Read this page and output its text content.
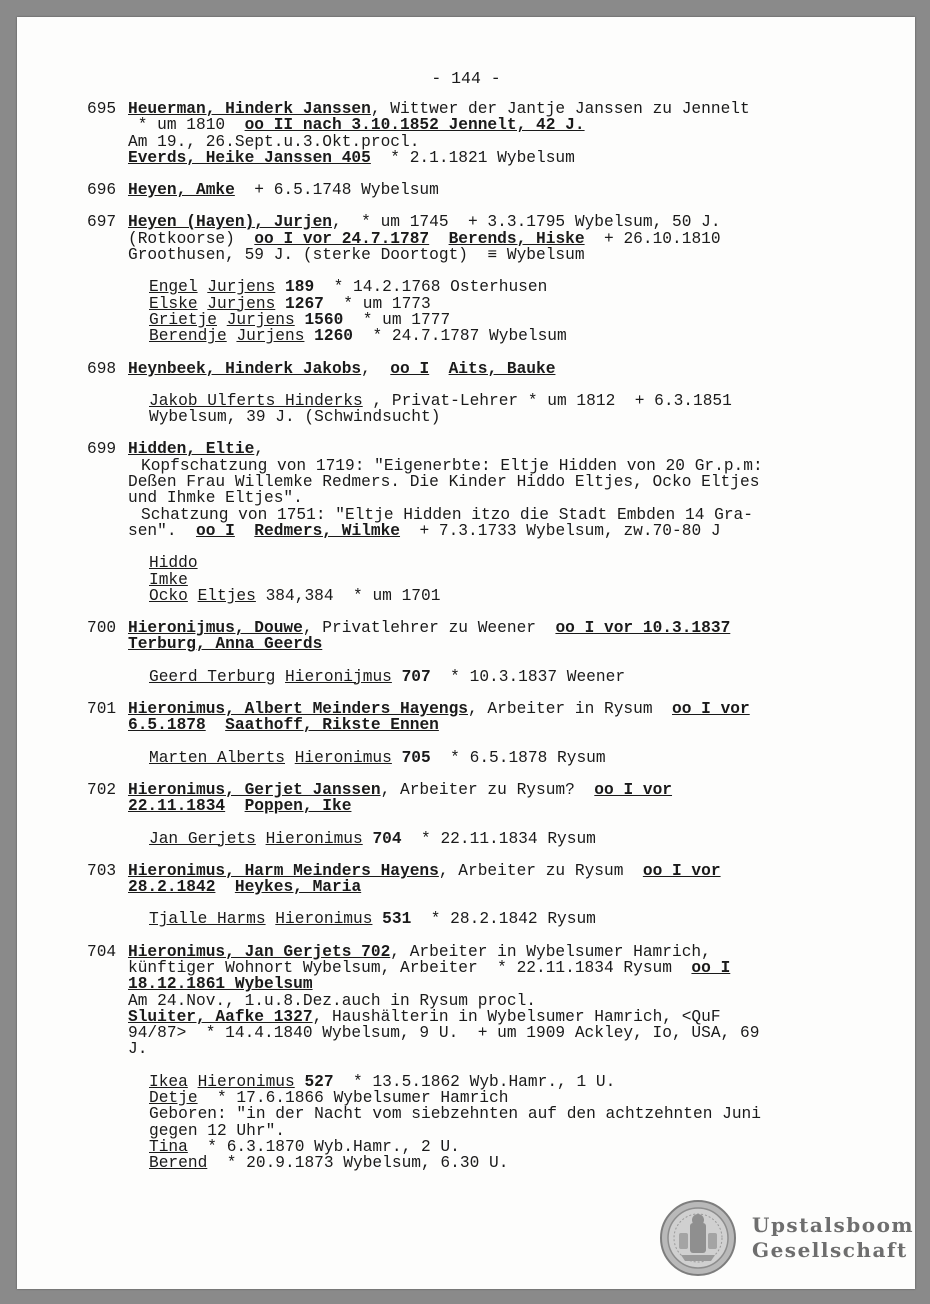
- 144 -
695 Heuerman, Hinderk Janssen, Wittwer der Jantje Janssen zu Jennelt
* um 1810  oo II nach 3.10.1852 Jennelt, 42 J.
Am 19., 26.Sept.u.3.Okt.procl.
Everds, Heike Janssen 405  * 2.1.1821 Wybelsum
696 Heyen, Amke  + 6.5.1748 Wybelsum
697 Heyen (Hayen), Jurjen,  * um 1745  + 3.3.1795 Wybelsum, 50 J.
(Rotkoorse)  oo I vor 24.7.1787 Berends, Hiske  + 26.10.1810
Groothusen, 59 J. (sterke Doortogt)  ≡ Wybelsum
Engel Jurjens 189  * 14.2.1768 Osterhusen
Elske Jurjens 1267  * um 1773
Grietje Jurjens 1560  * um 1777
Berendje Jurjens 1260  * 24.7.1787 Wybelsum
698 Heynbeek, Hinderk Jakobs,  oo I Aits, Bauke
Jakob Ulferts Hinderks , Privat-Lehrer * um 1812  + 6.3.1851
Wybelsum, 39 J. (Schwindsucht)
699 Hidden, Eltie,
Kopfschatzung von 1719: "Eigenerbte: Eltje Hidden von 20 Gr.p.m:
Deßen Frau Willemke Redmers. Die Kinder Hiddo Eltjes, Ocko Eltjes
und Ihmke Eltjes".
Schatzung von 1751: "Eltje Hidden itzo die Stadt Embden 14 Gra-
sen".  oo I Redmers, Wilmke  + 7.3.1733 Wybelsum, zw.70-80 J
Hiddo
Imke
Ocko Eltjes 384,384  * um 1701
700 Hieronijmus, Douwe, Privatlehrer zu Weener  oo I vor 10.3.1837
Terburg, Anna Geerds
Geerd Terburg Hieronijmus 707  * 10.3.1837 Weener
701 Hieronimus, Albert Meinders Hayengs, Arbeiter in Rysum  oo I vor
6.5.1878 Saathoff, Rikste Ennen
Marten Alberts Hieronimus 705  * 6.5.1878 Rysum
702 Hieronimus, Gerjet Janssen, Arbeiter zu Rysum?  oo I vor
22.11.1834 Poppen, Ike
Jan Gerjets Hieronimus 704  * 22.11.1834 Rysum
703 Hieronimus, Harm Meinders Hayens, Arbeiter zu Rysum  oo I vor
28.2.1842 Heykes, Maria
Tjalle Harms Hieronimus 531  * 28.2.1842 Rysum
704 Hieronimus, Jan Gerjets 702, Arbeiter in Wybelsumer Hamrich,
künftiger Wohnort Wybelsum, Arbeiter  * 22.11.1834 Rysum  oo I
18.12.1861 Wybelsum
Am 24.Nov., 1.u.8.Dez.auch in Rysum procl.
Sluiter, Aafke 1327, Haushälterin in Wybelsumer Hamrich, <QuF
94/87>  * 14.4.1840 Wybelsum, 9 U.  + um 1909 Ackley, Io, USA, 69
J.
Ikea Hieronimus 527  * 13.5.1862 Wyb.Hamr., 1 U.
Detje  * 17.6.1866 Wybelsumer Hamrich
Geboren: "in der Nacht vom siebzehnten auf den achtzehnten Juni
gegen 12 Uhr".
Tina  * 6.3.1870 Wyb.Hamr., 2 U.
Berend  * 20.9.1873 Wybelsum, 6.30 U.
Upstalsboom
Gesellschaft
